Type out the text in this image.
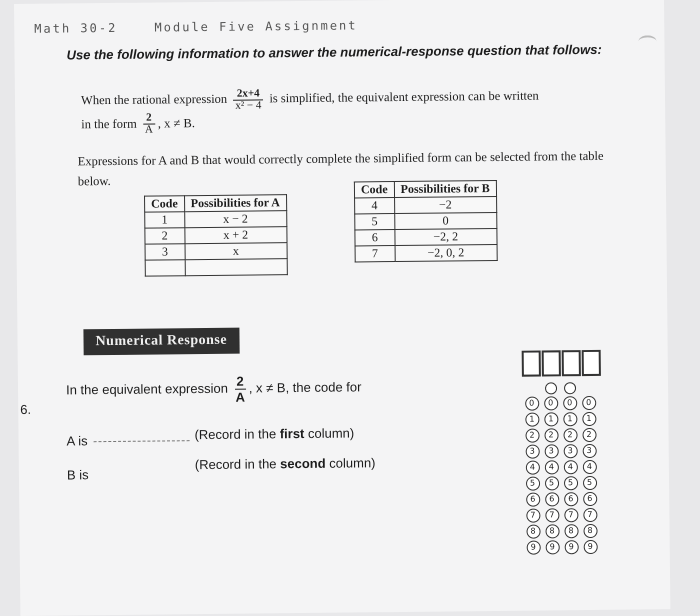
Math 30-2	Module Five Assignment
Use the following information to answer the numerical-response question that follows:
When the rational expression $\frac{2x+4}{\text{x² − 4}}$ is simplified, the equivalent expression can be written
in the form $\frac{2}{A}$ , x ≠ B.
Expressions for A and B that would correctly complete the simplified form can be selected from the table below.
Code	Possibilities for A
1	x − 2
2	x + 2
3	x

Code	Possibilities for B
4	−2
5	0
6	−2, 2
7	−2, 0, 2
Numerical Response
6.
In the equivalent expression $\frac{2}{A}$ , x ≠ B, the code for
A is
B is
(Record in the first column)
(Record in the second column)
0
1
2
3
4
5
6
7
8
9
0
1
2
3
4
5
6
7
8
9
0
1
2
3
4
5
6
7
8
9
0
1
2
3
4
5
6
7
8
9
